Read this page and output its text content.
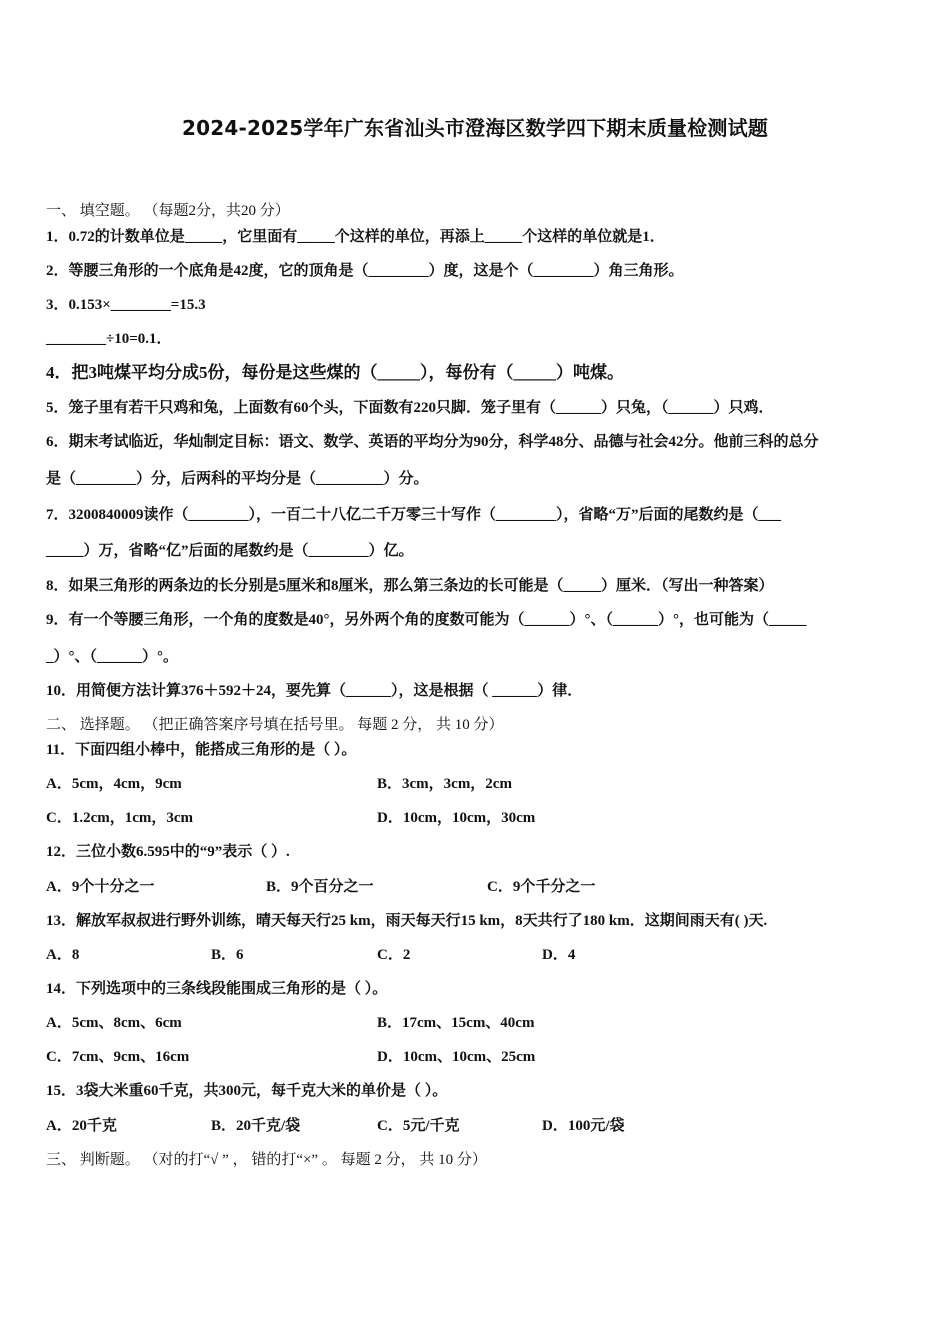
2024-2025学年广东省汕头市澄海区数学四下期末质量检测试题
一、 填空题。 （每题2分，共20 分）
1．0.72的计数单位是_____，它里面有_____个这样的单位，再添上_____个这样的单位就是1．
2．等腰三角形的一个底角是42度，它的顶角是（________）度，这是个（________）角三角形。
3．0.153×________=15.3
________÷10=0.1．
4．把3吨煤平均分成5份，每份是这些煤的（_____），每份有（_____）吨煤。
5．笼子里有若干只鸡和兔，上面数有60个头，下面数有220只脚．笼子里有（______）只兔，（______）只鸡．
6．期末考试临近，华灿制定目标：语文、数学、英语的平均分为90分，科学48分、品德与社会42分。他前三科的总分
是（________）分，后两科的平均分是（_________）分。
7．3200840009读作（________），一百二十八亿二千万零三十写作（________），省略“万”后面的尾数约是（___
_____）万，省略“亿”后面的尾数约是（________）亿。
8．如果三角形的两条边的长分别是5厘米和8厘米，那么第三条边的长可能是（_____）厘米．（写出一种答案）
9．有一个等腰三角形，一个角的度数是40°，另外两个角的度数可能为（______）°、（______）°，也可能为（_____
_）°、（______）°。
10．用简便方法计算376＋592＋24，要先算（______），这是根据（ ______）律．
二、 选择题。 （把正确答案序号填在括号里。 每题 2 分， 共 10 分）
11．下面四组小棒中，能搭成三角形的是（ ）。
A．5cm，4cm，9cm	B．3cm，3cm，2cm
C．1.2cm，1cm，3cm	D．10cm，10cm，30cm
12．三位小数6.595中的“9”表示（ ）.
A．9个十分之一	B．9个百分之一	C．9个千分之一
13．解放军叔叔进行野外训练，晴天每天行25 km，雨天每天行15 km，8天共行了180 km．这期间雨天有( )天.
A．8	B．6	C．2	D．4
14．下列选项中的三条线段能围成三角形的是（ ）。
A．5cm、8cm、6cm	B．17cm、15cm、40cm
C．7cm、9cm、16cm	D．10cm、10cm、25cm
15．3袋大米重60千克，共300元，每千克大米的单价是（ ）。
A．20千克	B．20千克/袋	C．5元/千克	D．100元/袋
三、 判断题。 （对的打“√ ” ， 错的打“×” 。 每题 2 分， 共 10 分）
